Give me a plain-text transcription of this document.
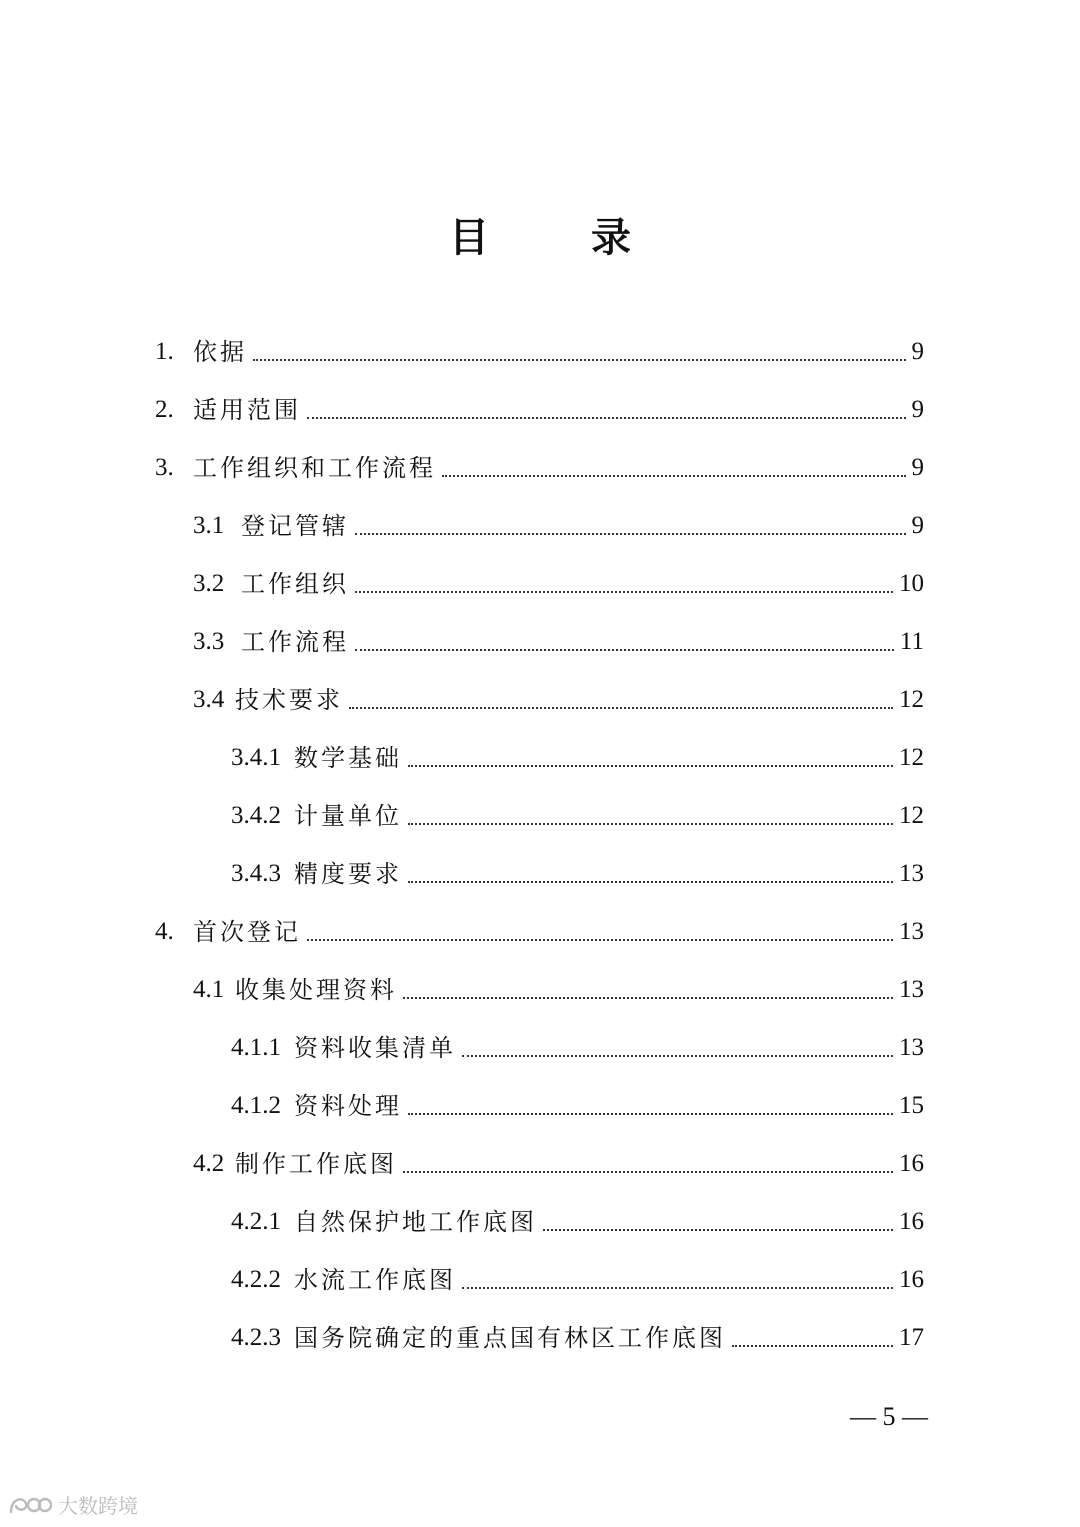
目 录
1. 依据	9
2. 适用范围	9
3. 工作组织和工作流程	9
3.1 登记管辖	9
3.2 工作组织	10
3.3 工作流程	11
3.4 技术要求	12
3.4.1 数学基础	12
3.4.2 计量单位	12
3.4.3 精度要求	13
4. 首次登记	13
4.1 收集处理资料	13
4.1.1 资料收集清单	13
4.1.2 资料处理	15
4.2 制作工作底图	16
4.2.1 自然保护地工作底图	16
4.2.2 水流工作底图	16
4.2.3 国务院确定的重点国有林区工作底图	17
— 5 —
大数跨境
